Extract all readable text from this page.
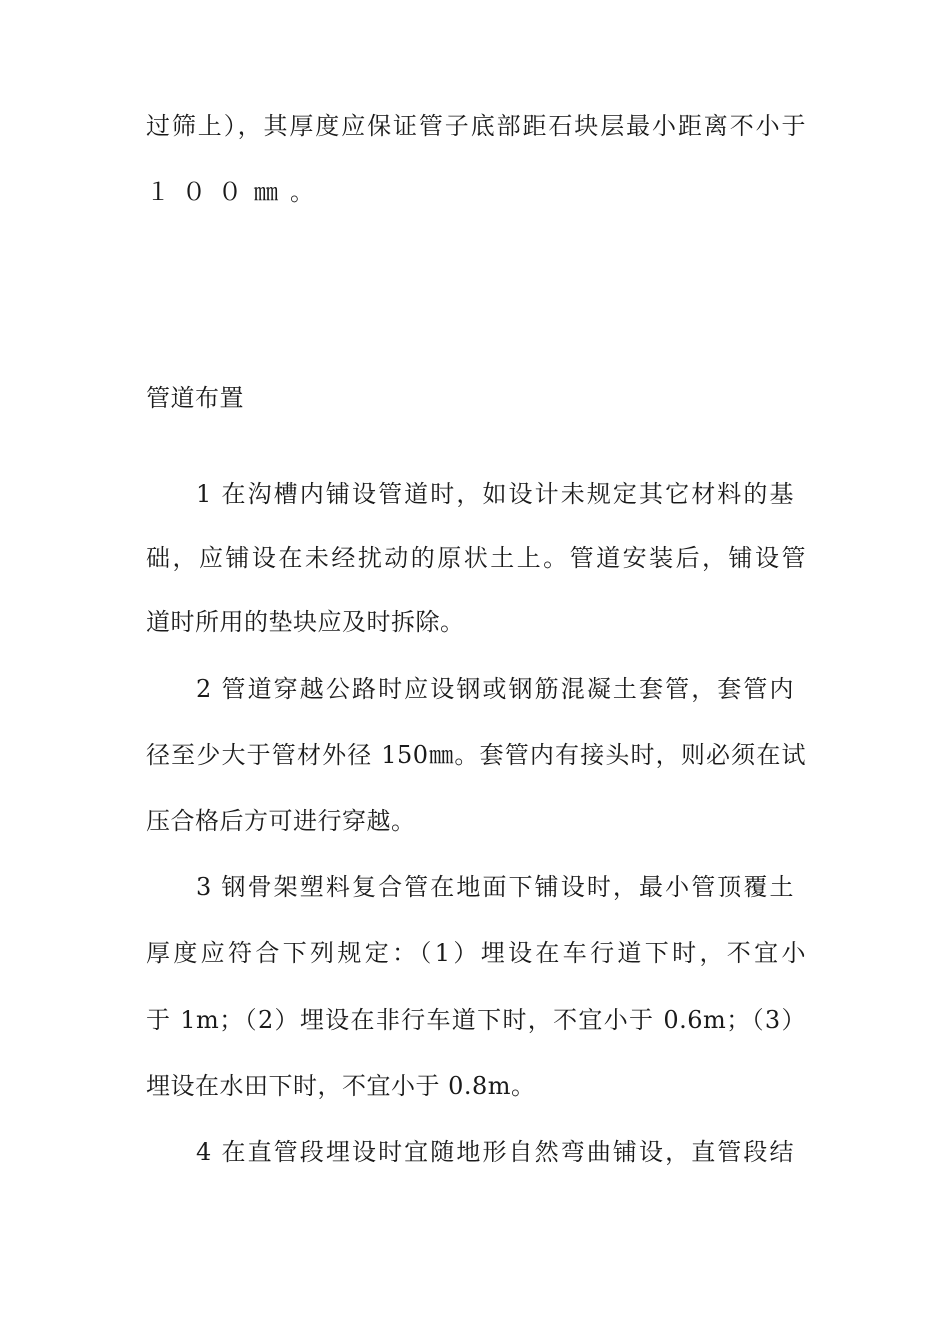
过筛上），其厚度应保证管子底部距石块层最小距离不小于
１００㎜。
管道布置
1 在沟槽内铺设管道时，如设计未规定其它材料的基
础，应铺设在未经扰动的原状土上。管道安装后，铺设管
道时所用的垫块应及时拆除。
2 管道穿越公路时应设钢或钢筋混凝土套管，套管内
径至少大于管材外径 150㎜。套管内有接头时，则必须在试
压合格后方可进行穿越。
3 钢骨架塑料复合管在地面下铺设时，最小管顶覆土
厚度应符合下列规定：（1）埋设在车行道下时，不宜小
于 1m；（2）埋设在非行车道下时，不宜小于 0.6m；（3）
埋设在水田下时，不宜小于 0.8m。
4 在直管段埋设时宜随地形自然弯曲铺设，直管段结
